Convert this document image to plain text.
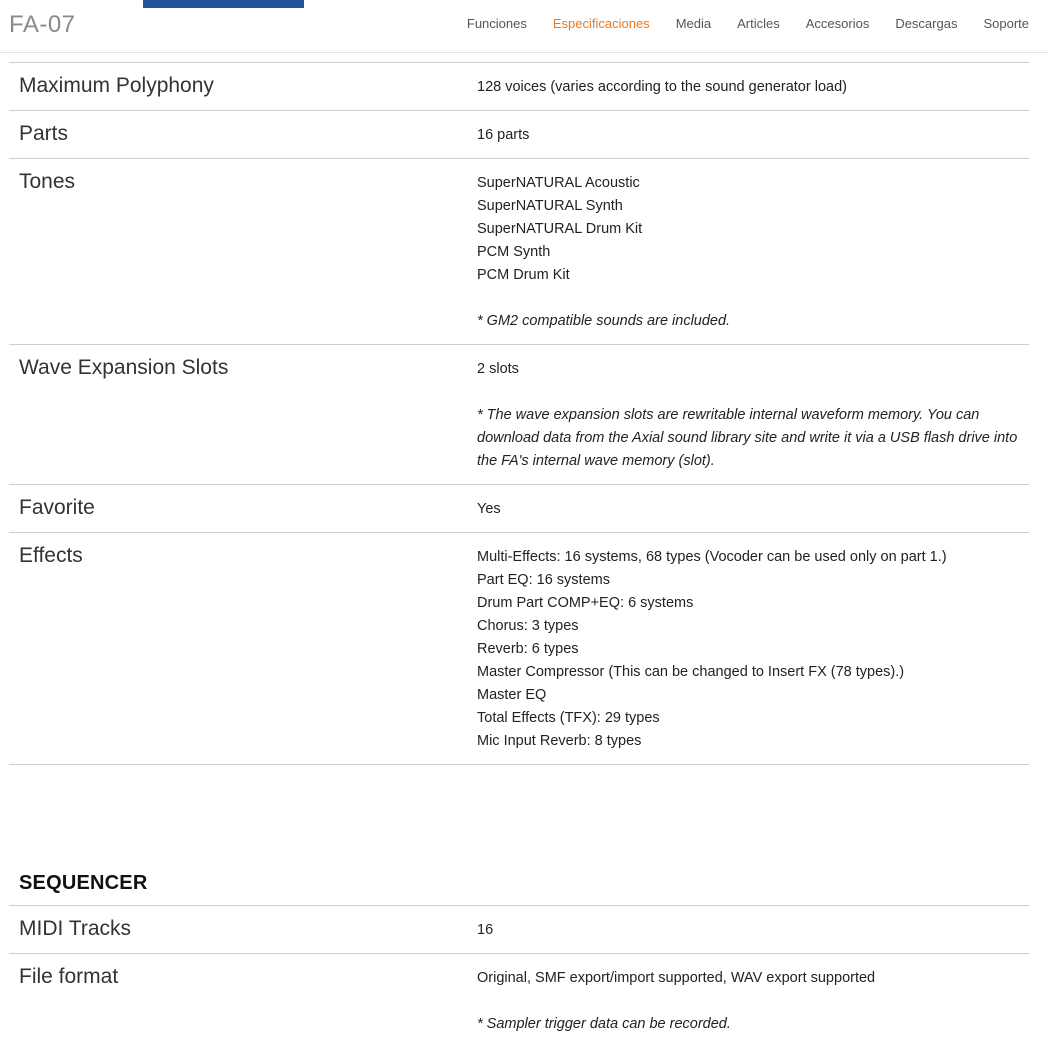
FA-07	Funciones Especificaciones Media Articles Accesorios Descargas Soporte
Maximum Polyphony	128 voices (varies according to the sound generator load)
Parts	16 parts
Tones	SuperNATURAL Acoustic
SuperNATURAL Synth
SuperNATURAL Drum Kit
PCM Synth
PCM Drum Kit
* GM2 compatible sounds are included.
Wave Expansion Slots	2 slots
* The wave expansion slots are rewritable internal waveform memory. You can download data from the Axial sound library site and write it via a USB flash drive into the FA's internal wave memory (slot).
Favorite	Yes
Effects	Multi-Effects: 16 systems, 68 types (Vocoder can be used only on part 1.)
Part EQ: 16 systems
Drum Part COMP+EQ: 6 systems
Chorus: 3 types
Reverb: 6 types
Master Compressor (This can be changed to Insert FX (78 types).)
Master EQ
Total Effects (TFX): 29 types
Mic Input Reverb: 8 types
SEQUENCER
MIDI Tracks	16
File format	Original, SMF export/import supported, WAV export supported
* Sampler trigger data can be recorded.
